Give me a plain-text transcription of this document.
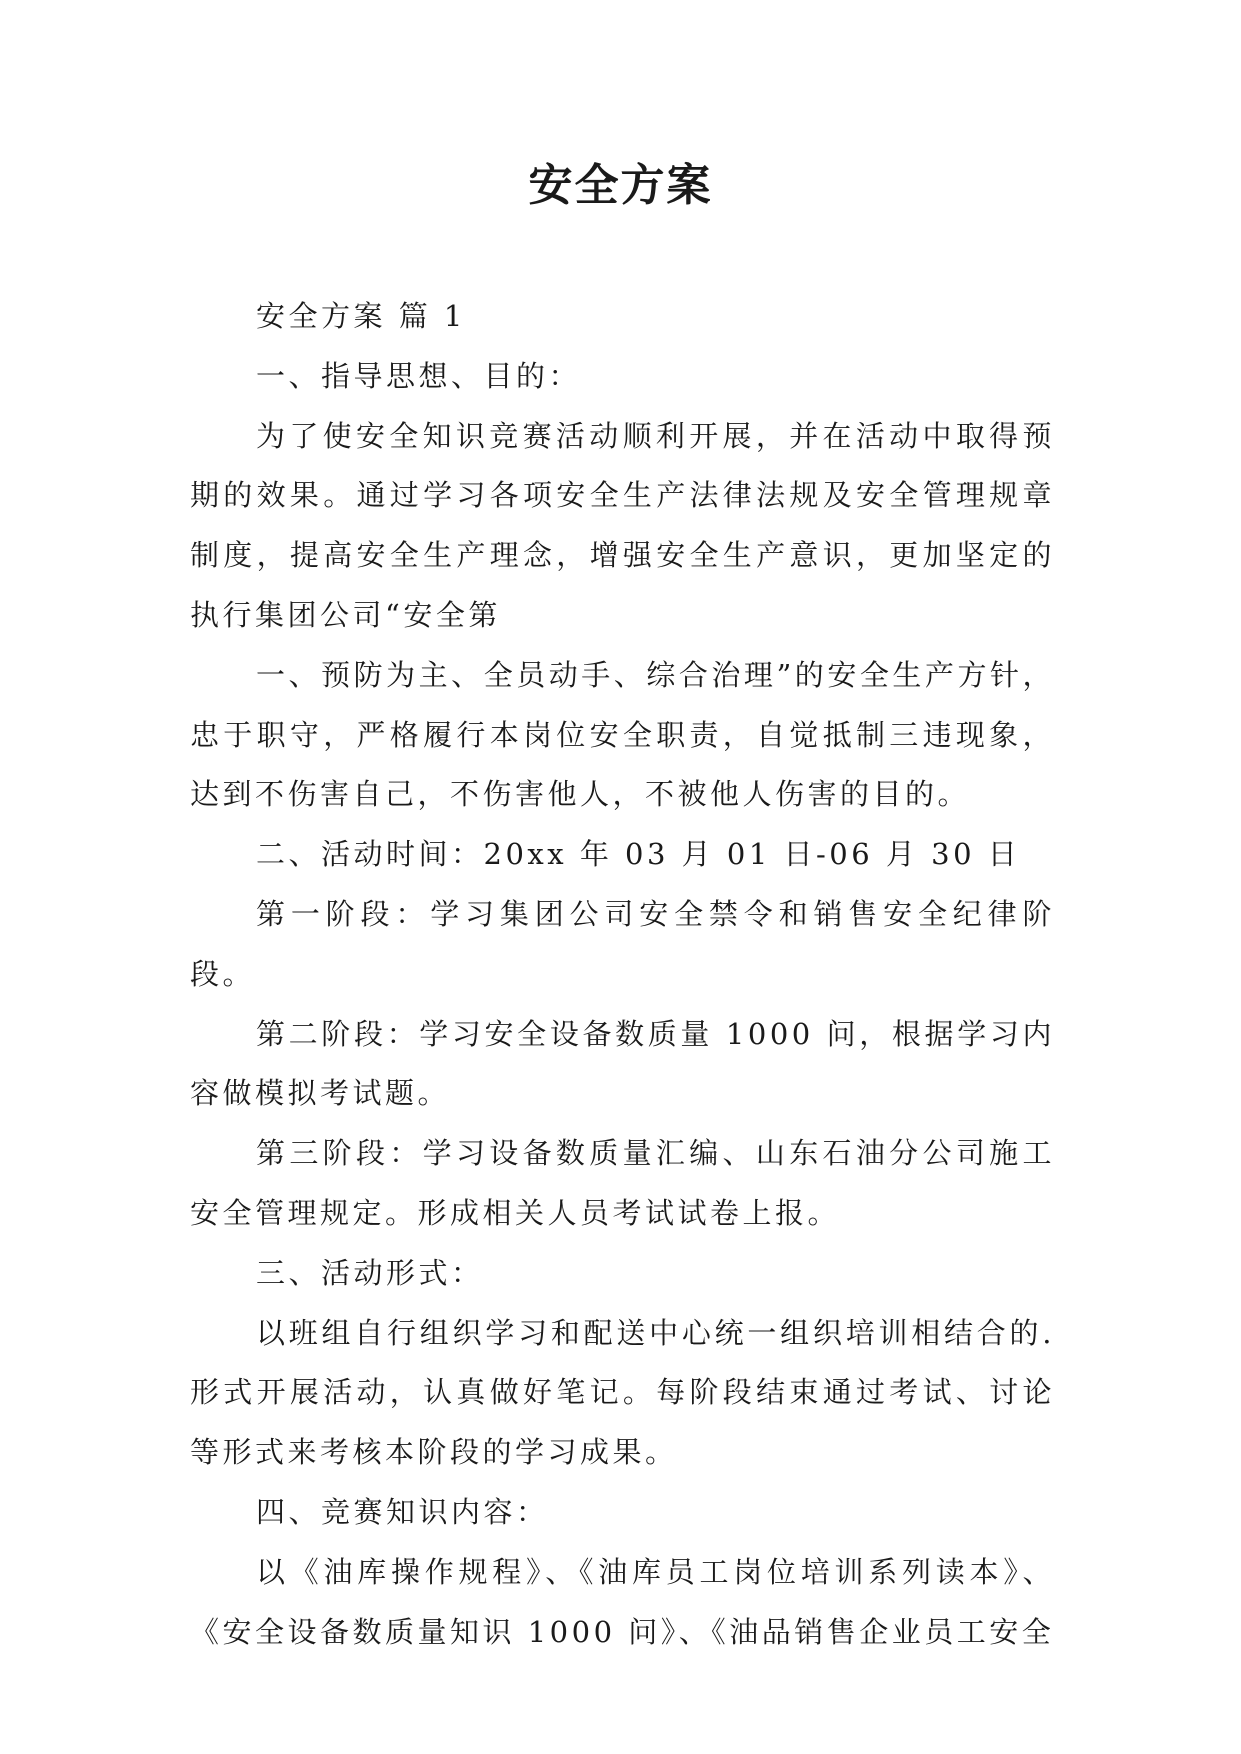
安全方案

安全方案 篇 1

一、指导思想、目的：

为了使安全知识竞赛活动顺利开展，并在活动中取得预期的效果。通过学习各项安全生产法律法规及安全管理规章制度，提高安全生产理念，增强安全生产意识，更加坚定的执行集团公司“安全第

一、预防为主、全员动手、综合治理”的安全生产方针，忠于职守，严格履行本岗位安全职责，自觉抵制三违现象，达到不伤害自己，不伤害他人，不被他人伤害的目的。

二、活动时间：20xx 年 03 月 01 日-06 月 30 日

第一阶段：学习集团公司安全禁令和销售安全纪律阶段。

第二阶段：学习安全设备数质量 1000 问，根据学习内容做模拟考试题。

第三阶段：学习设备数质量汇编、山东石油分公司施工安全管理规定。形成相关人员考试试卷上报。

三、活动形式：

以班组自行组织学习和配送中心统一组织培训相结合的.形式开展活动，认真做好笔记。每阶段结束通过考试、讨论等形式来考核本阶段的学习成果。

四、竞赛知识内容：

以《油库操作规程》、《油库员工岗位培训系列读本》、《安全设备数质量知识 1000 问》、《油品销售企业员工安全
